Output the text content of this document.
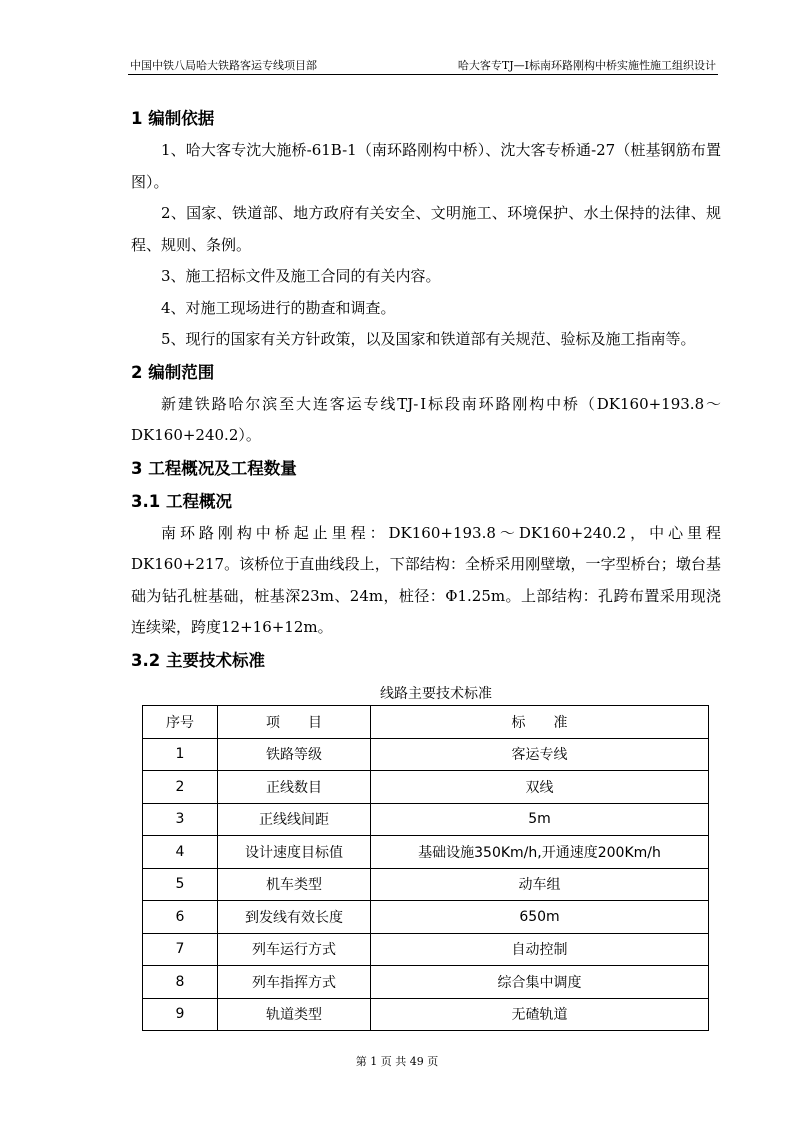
中国中铁八局哈大铁路客运专线项目部	哈大客专TJ—Ⅰ标南环路刚构中桥实施性施工组织设计
1 编制依据

1、哈大客专沈大施桥-61B-1（南环路刚构中桥）、沈大客专桥通-27（桩基钢筋布置图）。

2、国家、铁道部、地方政府有关安全、文明施工、环境保护、水土保持的法律、规程、规则、条例。

3、施工招标文件及施工合同的有关内容。

4、对施工现场进行的勘查和调查。

5、现行的国家有关方针政策，以及国家和铁道部有关规范、验标及施工指南等。

2 编制范围

新建铁路哈尔滨至大连客运专线TJ-Ⅰ标段南环路刚构中桥（DK160+193.8～DK160+240.2）。

3 工程概况及工程数量
3.1 工程概况

南环路刚构中桥起止里程：DK160+193.8～DK160+240.2，中心里程DK160+217。该桥位于直曲线段上，下部结构：全桥采用刚壁墩，一字型桥台；墩台基础为钻孔桩基础，桩基深23m、24m，桩径：Φ1.25m。上部结构：孔跨布置采用现浇连续梁，跨度12+16+12m。

3.2 主要技术标准

线路主要技术标准

序号	项　　目	标　　准
1	铁路等级	客运专线
2	正线数目	双线
3	正线线间距	5m
4	设计速度目标值	基础设施350Km/h,开通速度200Km/h
5	机车类型	动车组
6	到发线有效长度	650m
7	列车运行方式	自动控制
8	列车指挥方式	综合集中调度
9	轨道类型	无碴轨道
第 1 页 共 49 页
